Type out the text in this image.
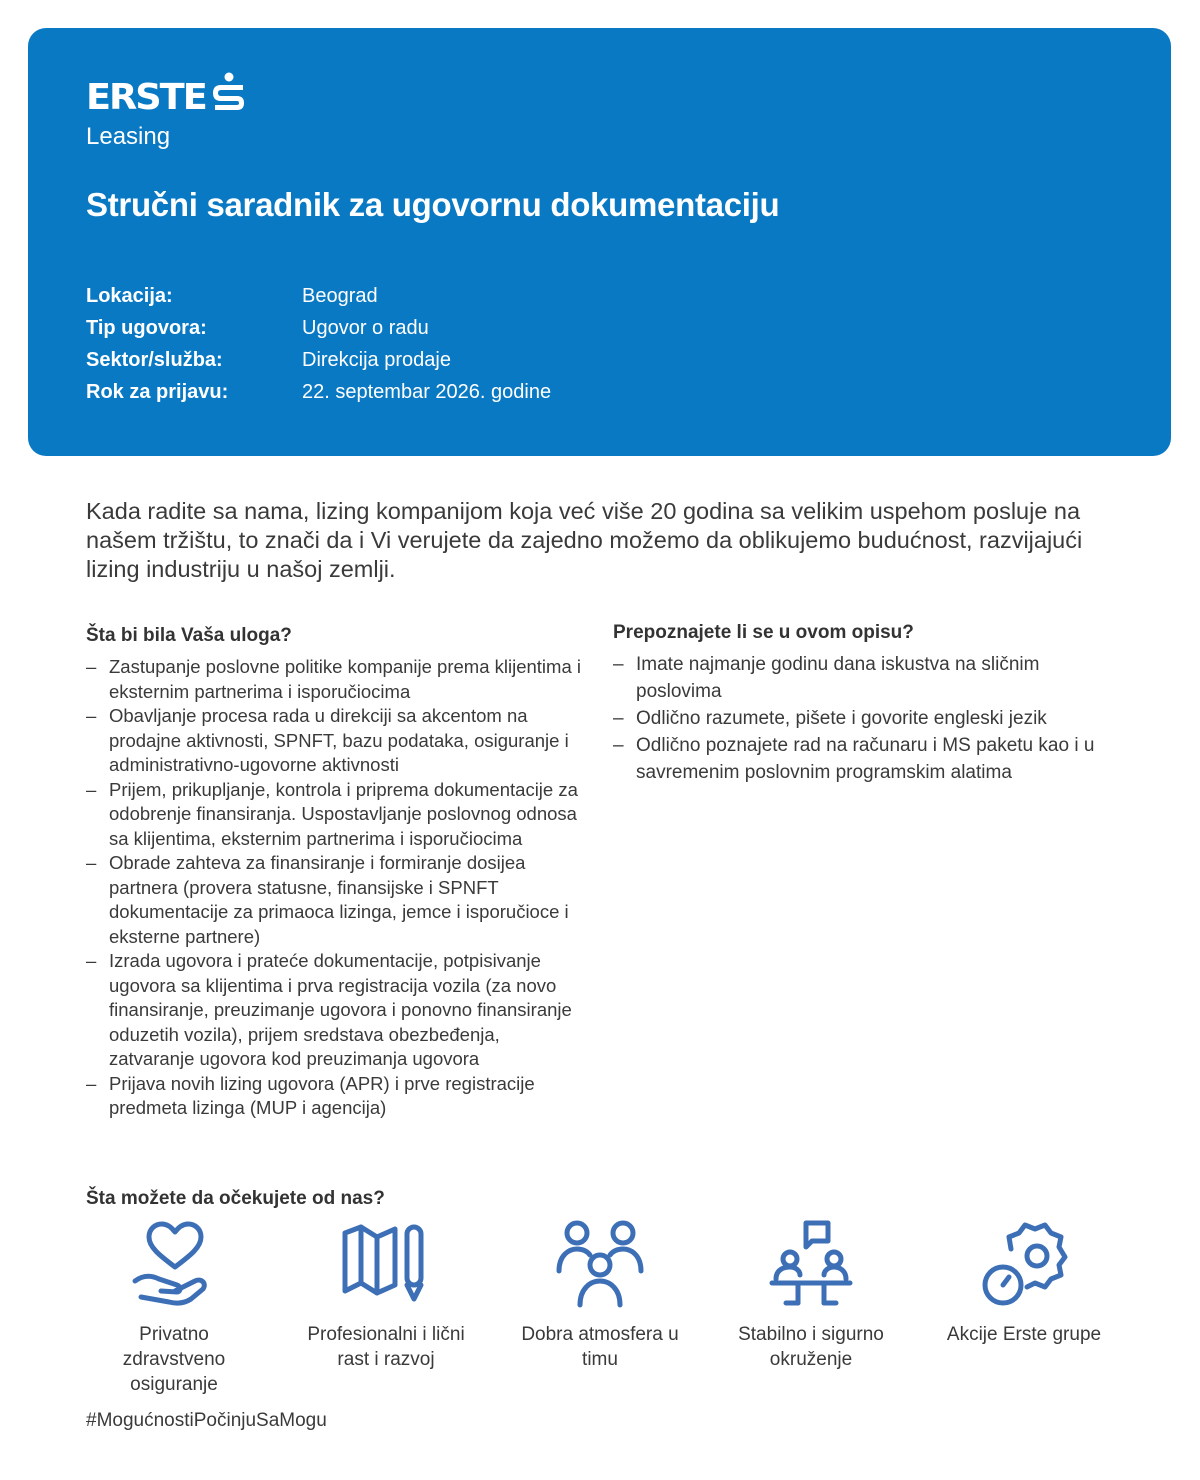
ERSTE
Leasing
Stručni saradnik za ugovornu dokumentaciju
Lokacija:	Beograd
Tip ugovora:	Ugovor o radu
Sektor/služba:	Direkcija prodaje
Rok za prijavu:	22. septembar 2026. godine

Kada radite sa nama, lizing kompanijom koja već više 20 godina sa velikim uspehom posluje na našem tržištu, to znači da i Vi verujete da zajedno možemo da oblikujemo budućnost, razvijajući lizing industriju u našoj zemlji.

Šta bi bila Vaša uloga?
– Zastupanje poslovne politike kompanije prema klijentima i eksternim partnerima i isporučiocima
– Obavljanje procesa rada u direkciji sa akcentom na prodajne aktivnosti, SPNFT, bazu podataka, osiguranje i administrativno-ugovorne aktivnosti
– Prijem, prikupljanje, kontrola i priprema dokumentacije za odobrenje finansiranja. Uspostavljanje poslovnog odnosa sa klijentima, eksternim partnerima i isporučiocima
– Obrade zahteva za finansiranje i formiranje dosijea partnera (provera statusne, finansijske i SPNFT dokumentacije za primaoca lizinga, jemce i isporučioce i eksterne partnere)
– Izrada ugovora i prateće dokumentacije, potpisivanje ugovora sa klijentima i prva registracija vozila (za novo finansiranje, preuzimanje ugovora i ponovno finansiranje oduzetih vozila), prijem sredstava obezbeđenja, zatvaranje ugovora kod preuzimanja ugovora
– Prijava novih lizing ugovora (APR) i prve registracije predmeta lizinga (MUP i agencija)
Prepoznajete li se u ovom opisu?
– Imate najmanje godinu dana iskustva na sličnim poslovima
– Odlično razumete, pišete i govorite engleski jezik
– Odlično poznajete rad na računaru i MS paketu kao i u savremenim poslovnim programskim alatima
Šta možete da očekujete od nas?
Privatno zdravstveno osiguranje
Profesionalni i lični rast i razvoj
Dobra atmosfera u timu
Stabilno i sigurno okruženje
Akcije Erste grupe
#MogućnostiPočinjuSaMogu
